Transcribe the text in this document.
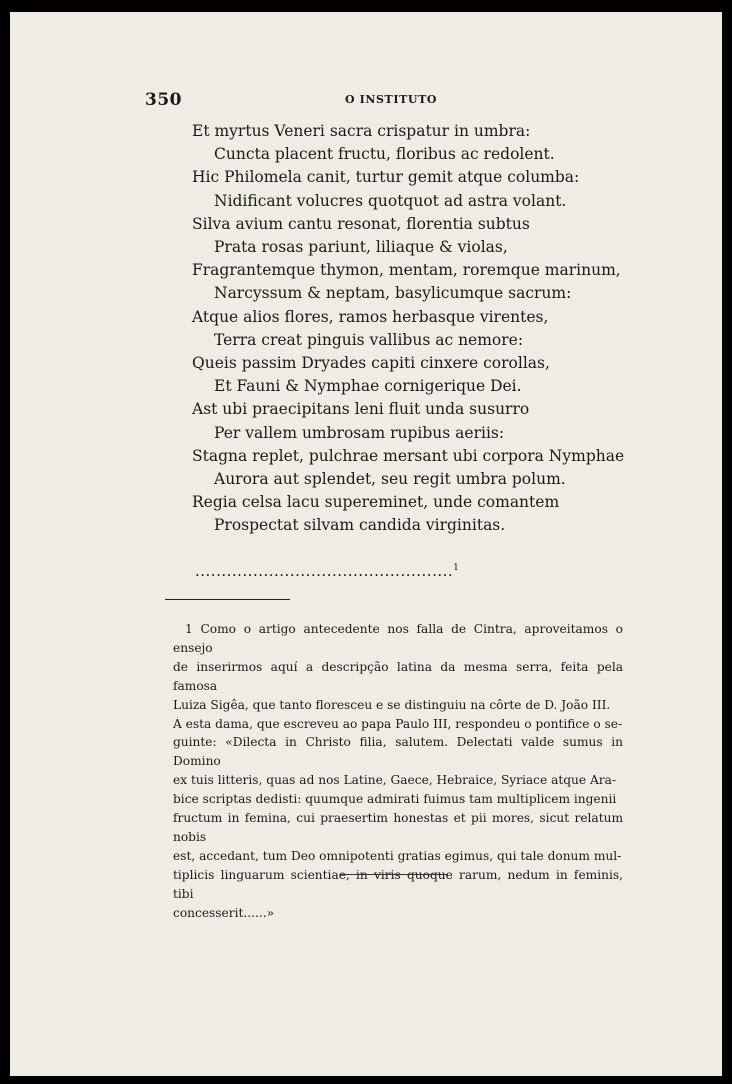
350	O INSTITUTO
Et myrtus Veneri sacra crispatur in umbra:
Cuncta placent fructu, floribus ac redolent.
Hic Philomela canit, turtur gemit atque columba:
Nidificant volucres quotquot ad astra volant.
Silva avium cantu resonat, florentia subtus
Prata rosas pariunt, liliaque & violas,
Fragrantemque thymon, mentam, roremque marinum,
Narcyssum & neptam, basylicumque sacrum:
Atque alios flores, ramos herbasque virentes,
Terra creat pinguis vallibus ac nemore:
Queis passim Dryades capiti cinxere corollas,
Et Fauni & Nymphae cornigerique Dei.
Ast ubi praecipitans leni fluit unda susurro
Per vallem umbrosam rupibus aeriis:
Stagna replet, pulchrae mersant ubi corpora Nymphae
Aurora aut splendet, seu regit umbra polum.
Regia celsa lacu supereminet, unde comantem
Prospectat silvam candida virginitas.
.................................................$^1$
1 Como o artigo antecedente nos falla de Cintra, aproveitamos o ensejo
de inserirmos aquí a descripção latina da mesma serra, feita pela famosa
Luiza Sigêa, que tanto floresceu e se distinguiu na côrte de D. João III.
A esta dama, que escreveu ao papa Paulo III, respondeu o pontifice o se-
guinte: «Dilecta in Christo filia, salutem. Delectati valde sumus in Domino
ex tuis litteris, quas ad nos Latine, Gaece, Hebraice, Syriace atque Ara-
bice scriptas dedisti: quumque admirati fuimus tam multiplicem ingenii
fructum in femina, cui praesertim honestas et pii mores, sicut relatum nobis
est, accedant, tum Deo omnipotenti gratias egimus, qui tale donum mul-
tiplicis linguarum scientiae, in viris quoque rarum, nedum in feminis, tibi
concesserit......»
